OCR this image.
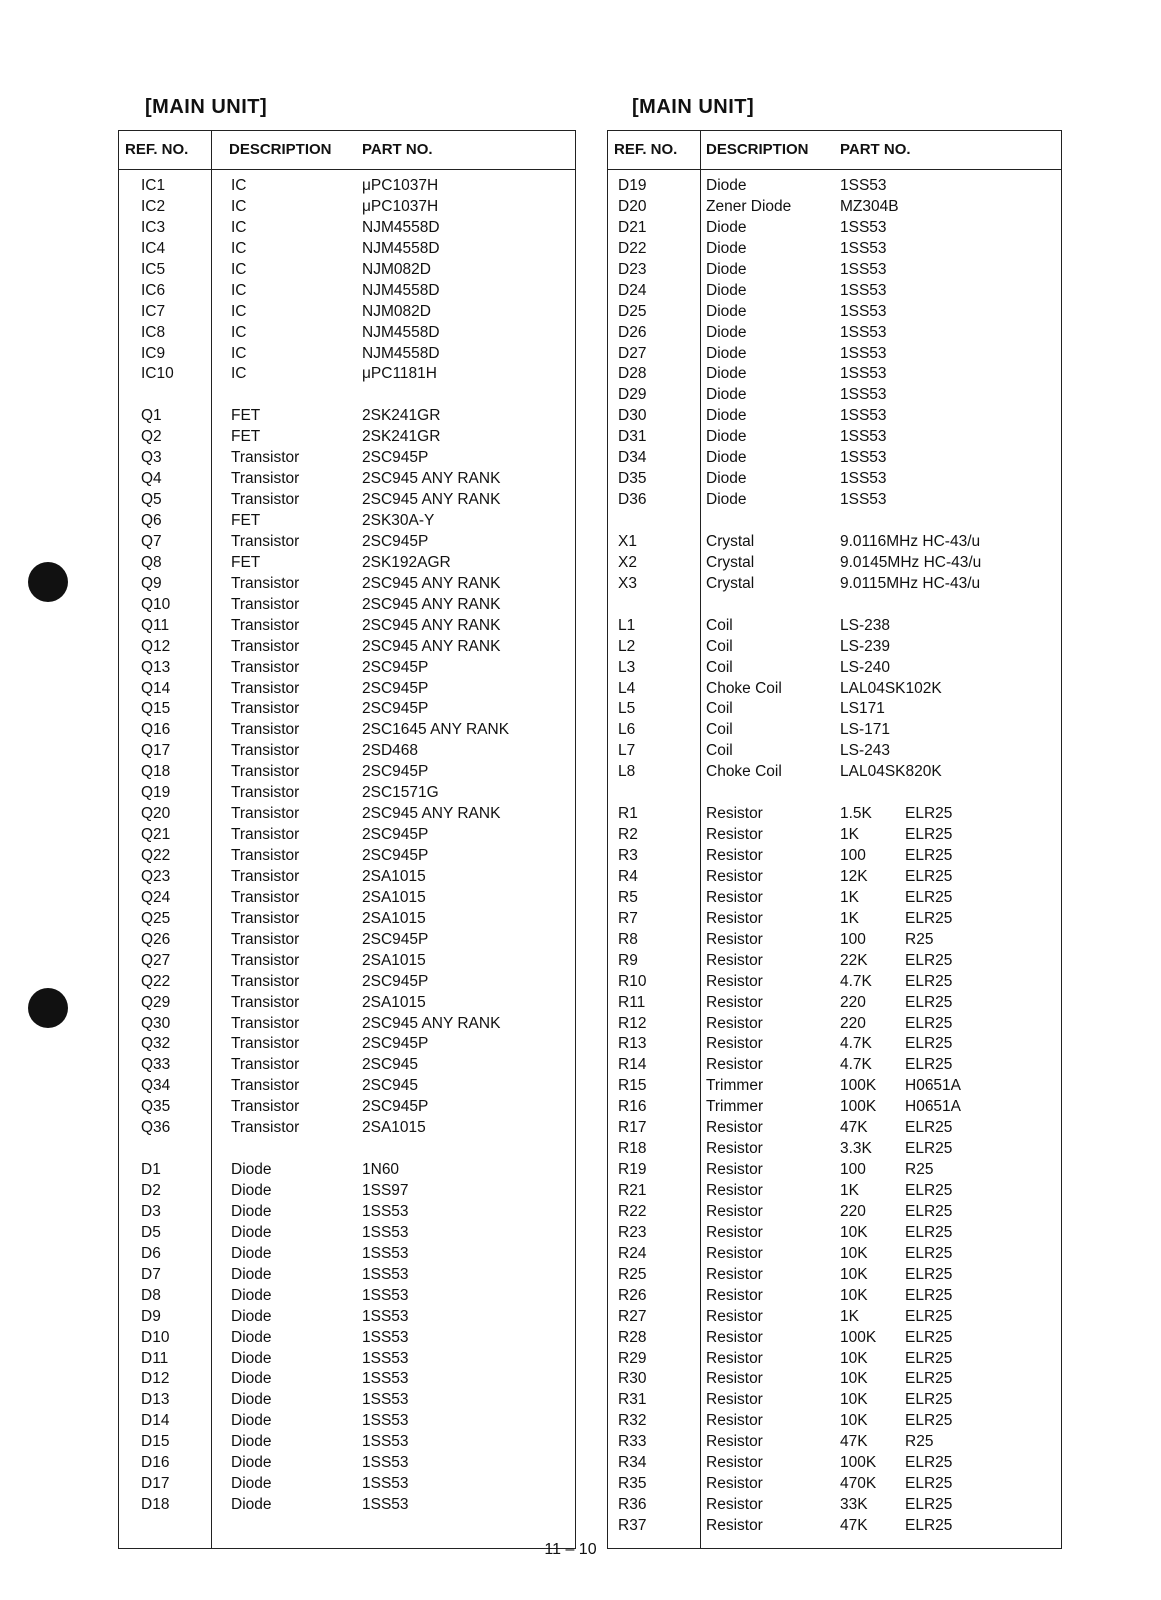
[MAIN UNIT]	[MAIN UNIT]
REF. NO.	DESCRIPTION PART NO.
IC1	IC	μPC1037H
IC2	IC	μPC1037H
IC3	IC	NJM4558D
IC4	IC	NJM4558D
IC5	IC	NJM082D
IC6	IC	NJM4558D
IC7	IC	NJM082D
IC8	IC	NJM4558D
IC9	IC	NJM4558D
IC10	IC	μPC1181H
Q1	FET	2SK241GR
Q2	FET	2SK241GR
Q3	Transistor	2SC945P
Q4	Transistor	2SC945 ANY RANK
Q5	Transistor	2SC945 ANY RANK
Q6	FET	2SK30A-Y
Q7	Transistor	2SC945P
Q8	FET	2SK192AGR
Q9	Transistor	2SC945 ANY RANK
Q10	Transistor	2SC945 ANY RANK
Q11	Transistor	2SC945 ANY RANK
Q12	Transistor	2SC945 ANY RANK
Q13	Transistor	2SC945P
Q14	Transistor	2SC945P
Q15	Transistor	2SC945P
Q16	Transistor	2SC1645 ANY RANK
Q17	Transistor	2SD468
Q18	Transistor	2SC945P
Q19	Transistor	2SC1571G
Q20	Transistor	2SC945 ANY RANK
Q21	Transistor	2SC945P
Q22	Transistor	2SC945P
Q23	Transistor	2SA1015
Q24	Transistor	2SA1015
Q25	Transistor	2SA1015
Q26	Transistor	2SC945P
Q27	Transistor	2SA1015
Q22	Transistor	2SC945P
Q29	Transistor	2SA1015
Q30	Transistor	2SC945 ANY RANK
Q32	Transistor	2SC945P
Q33	Transistor	2SC945
Q34	Transistor	2SC945
Q35	Transistor	2SC945P
Q36	Transistor	2SA1015
D1	Diode	1N60
D2	Diode	1SS97
D3	Diode	1SS53
D5	Diode	1SS53
D6	Diode	1SS53
D7	Diode	1SS53
D8	Diode	1SS53
D9	Diode	1SS53
D10	Diode	1SS53
D11	Diode	1SS53
D12	Diode	1SS53
D13	Diode	1SS53
D14	Diode	1SS53
D15	Diode	1SS53
D16	Diode	1SS53
D17	Diode	1SS53
D18	Diode	1SS53
REF. NO. DESCRIPTION PART NO.
D19	Diode	1SS53
D20	Zener Diode	MZ304B
D21	Diode	1SS53
D22	Diode	1SS53
D23	Diode	1SS53
D24	Diode	1SS53
D25	Diode	1SS53
D26	Diode	1SS53
D27	Diode	1SS53
D28	Diode	1SS53
D29	Diode	1SS53
D30	Diode	1SS53
D31	Diode	1SS53
D34	Diode	1SS53
D35	Diode	1SS53
D36	Diode	1SS53
X1	Crystal	9.0116MHz HC-43/u
X2	Crystal	9.0145MHz HC-43/u
X3	Crystal	9.0115MHz HC-43/u
L1	Coil	LS-238
L2	Coil	LS-239
L3	Coil	LS-240
L4	Choke Coil	LAL04SK102K
L5	Coil	LS171
L6	Coil	LS-171
L7	Coil	LS-243
L8	Choke Coil	LAL04SK820K
R1	Resistor	1.5K ELR25
R2	Resistor	1K	ELR25
R3	Resistor	100	ELR25
R4	Resistor	12K ELR25
R5	Resistor	1K	ELR25
R7	Resistor	1K	ELR25
R8	Resistor	100	R25
R9	Resistor	22K ELR25
R10	Resistor	4.7K ELR25
R11	Resistor	220	ELR25
R12	Resistor	220	ELR25
R13	Resistor	4.7K ELR25
R14	Resistor	4.7K ELR25
R15	Trimmer	100K H0651A
R16	Trimmer	100K H0651A
R17	Resistor	47K ELR25
R18	Resistor	3.3K ELR25
R19	Resistor	100	R25
R21	Resistor	1K	ELR25
R22	Resistor	220	ELR25
R23	Resistor	10K ELR25
R24	Resistor	10K ELR25
R25	Resistor	10K ELR25
R26	Resistor	10K ELR25
R27	Resistor	1K	ELR25
R28	Resistor	100K ELR25
R29	Resistor	10K ELR25
R30	Resistor	10K ELR25
R31	Resistor	10K ELR25
R32	Resistor	10K ELR25
R33	Resistor	47K R25
R34	Resistor	100K ELR25
R35	Resistor	470K ELR25
R36	Resistor	33K ELR25
R37	Resistor	47K ELR25
11 – 10
